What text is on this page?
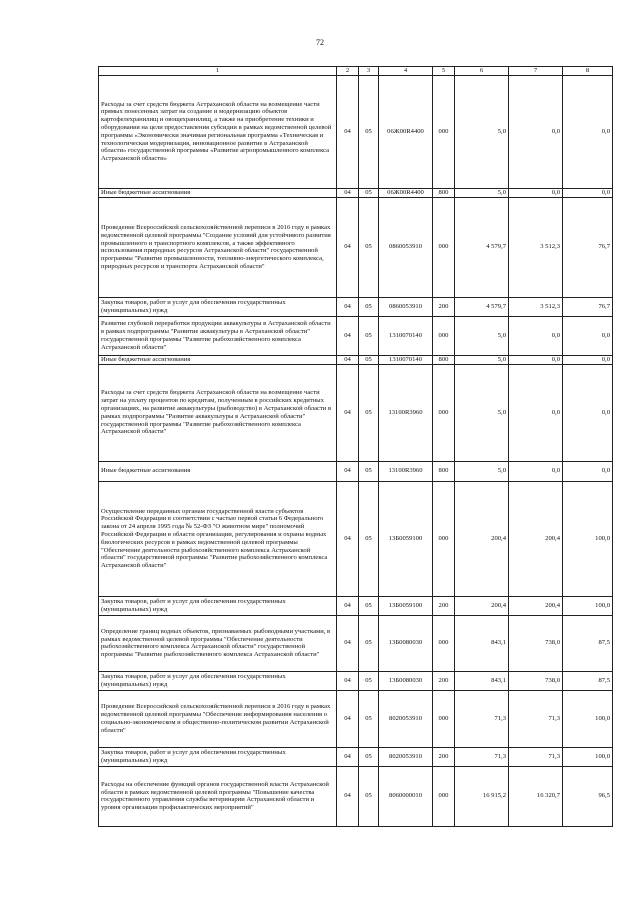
72
1	2	3	4	5	6	7	8
Расходы за счет средств бюджета Астраханской области на возмещение части прямых понесенных затрат на создание и модернизацию объектов картофелехранилищ и овощехранилищ, а также на приобретение техники и оборудования на цели предоставления субсидии в рамках ведомственной целевой программы «Экономически значимая региональная программа «Техническая и технологическая модернизация, инновационное развитие в Астраханской области» государственной программы «Развитие агропромышленного комплекса Астраханской области»	04	05	06Ж00R4400	000	5,0	0,0	0,0
Иные бюджетные ассигнования	04	05	06Ж00R4400	800	5,0	0,0	0,0
Проведение Всероссийской сельскохозяйственной переписи в 2016 году в рамках ведомственной целевой программы "Создание условий для устойчивого развития промышленного и транспортного комплексов, а также эффективного использования природных ресурсов Астраханской области" государственной программы "Развитие промышленности, топливно-энергетического комплекса, природных ресурсов и транспорта Астраханской области"	04	05	0860053910	000	4 579,7	3 512,3	76,7
Закупка товаров, работ и услуг для обеспечения государственных (муниципальных) нужд	04	05	0860053910	200	4 579,7	3 512,3	76,7
Развитие глубокой переработки продукции аквакультуры в Астраханской области в рамках подпрограммы "Развитие аквакультуры в Астраханской области" государственной программы "Развитие рыбохозяйственного комплекса Астраханской области"	04	05	1310070140	000	5,0	0,0	0,0
Иные бюджетные ассигнования	04	05	1310070140	800	5,0	0,0	0,0
Расходы за счет средств бюджета Астраханской области на возмещение части затрат на уплату процентов по кредитам, полученным в российских кредитных организациях, на развитие аквакультуры (рыбоводство) в Астраханской области в рамках подпрограммы "Развитие аквакультуры в Астраханской области" государственной программы "Развитие рыбохозяйственного комплекса Астраханской области"	04	05	13100R3960	000	5,0	0,0	0,0
Иные бюджетные ассигнования	04	05	13100R3960	800	5,0	0,0	0,0
Осуществление переданных органам государственной власти субъектов Российской Федерации в соответствии с частью первой статьи 6 Федерального закона от 24 апреля 1995 года № 52-ФЗ "О животном мире" полномочий Российской Федерации в области организации, регулирования и охраны водных биологических ресурсов в рамках ведомственной целевой программы "Обеспечение деятельности рыбохозяйственного комплекса Астраханской области" государственной программы "Развитие рыбохозяйственного комплекса Астраханской области"	04	05	13Б0059100	000	200,4	200,4	100,0
Закупка товаров, работ и услуг для обеспечения государственных (муниципальных) нужд	04	05	13Б0059100	200	200,4	200,4	100,0
Определение границ водных объектов, признаваемых рыбоводными участками, в рамках ведомственной целевой программы "Обеспечение деятельности рыбохозяйственного комплекса Астраханской области" государственной программы "Развитие рыбохозяйственного комплекса Астраханской области"	04	05	13Б0080030	000	843,1	738,0	87,5
Закупка товаров, работ и услуг для обеспечения государственных (муниципальных) нужд	04	05	13Б0080030	200	843,1	738,0	87,5
Проведение Всероссийской сельскохозяйственной переписи в 2016 году в рамках ведомственной целевой программы "Обеспечение информирования населения о социально-экономическом и общественно-политическом развитии Астраханской области"	04	05	8020053910	000	71,3	71,3	100,0
Закупка товаров, работ и услуг для обеспечения государственных (муниципальных) нужд	04	05	8020053910	200	71,3	71,3	100,0
Расходы на обеспечение функций органов государственной власти Астраханской области в рамках ведомственной целевой программы "Повышение качества государственного управления службы ветеринарии Астраханской области и уровня организации профилактических мероприятий"	04	05	8060000010	000	16 915,2	16 320,7	96,5
